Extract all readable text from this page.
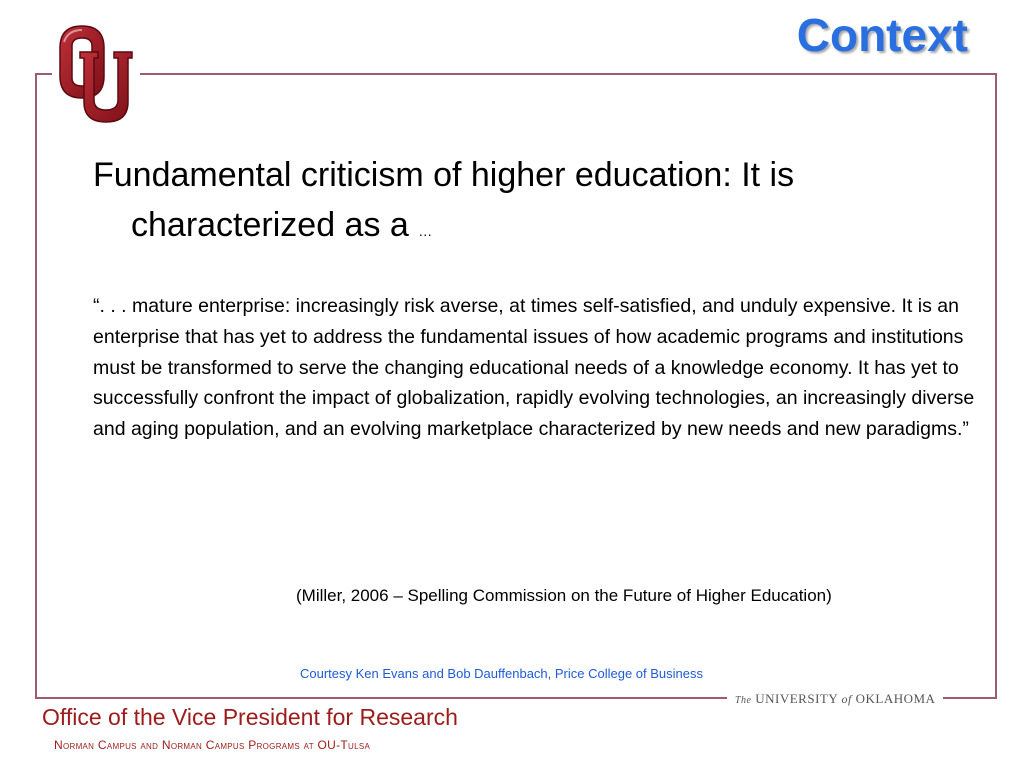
The UNIVERSITY of OKLAHOMA
Context
Fundamental criticism of higher education: It is
characterized as a …
“. . . mature enterprise: increasingly risk averse, at times self-satisfied, and unduly expensive. It is an enterprise that has yet to address the fundamental issues of how academic programs and institutions must be transformed to serve the changing educational needs of a knowledge economy. It has yet to successfully confront the impact of globalization, rapidly evolving technologies, an increasingly diverse and aging population, and an evolving marketplace characterized by new needs and new paradigms.”
(Miller, 2006 – Spelling Commission on the Future of Higher Education)
Courtesy Ken Evans and Bob Dauffenbach, Price College of Business
Office of the Vice President for Research
Norman Campus and Norman Campus Programs at OU-Tulsa
